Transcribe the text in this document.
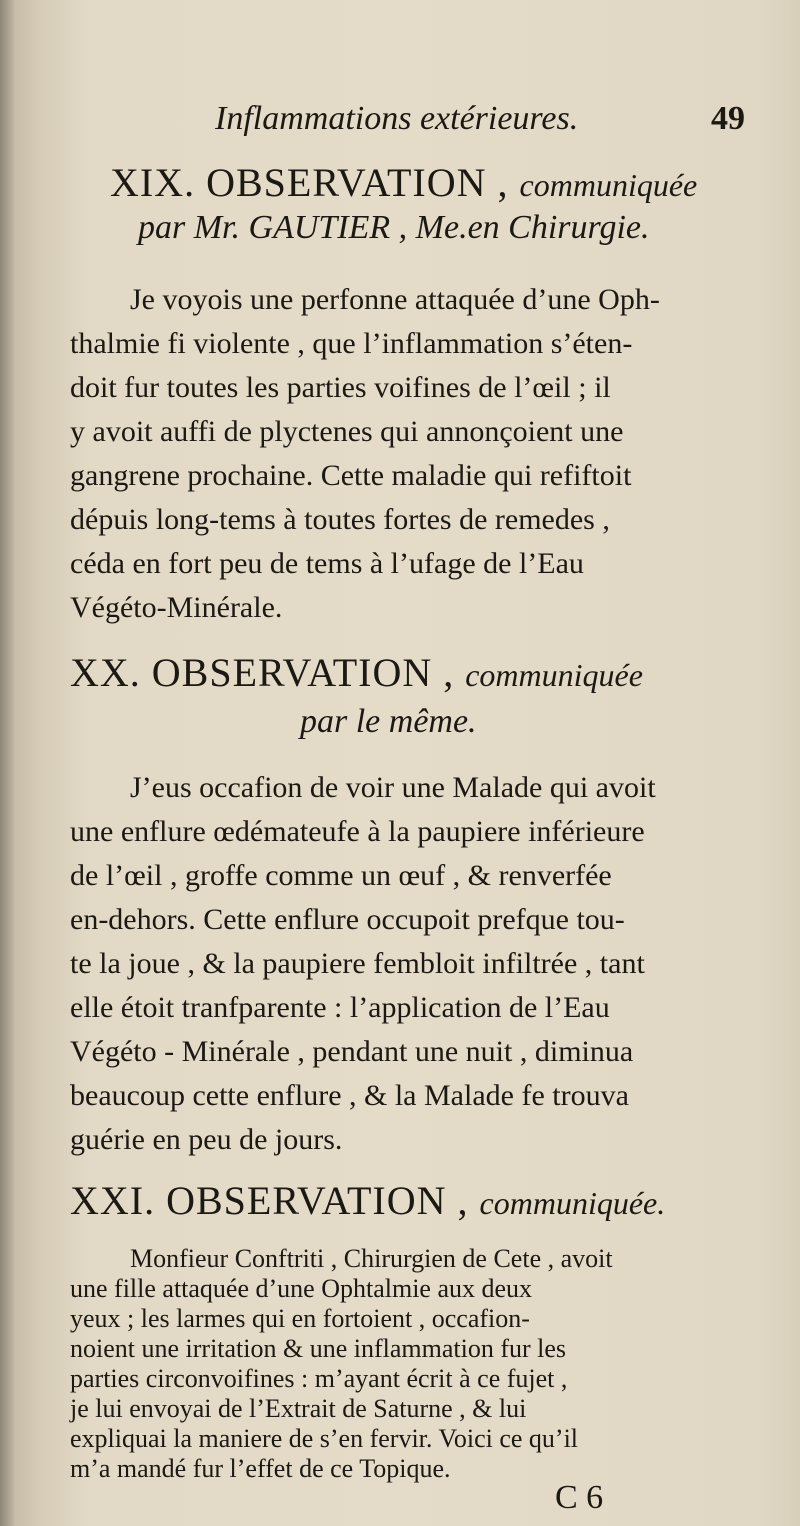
Inflammations extérieures.	49
XIX. OBSERVATION , communiquée
par Mr. GAUTIER , Me.en Chirurgie.
Je voyois une perfonne attaquée d’une Oph-
thalmie fi violente , que l’inflammation s’éten-
doit fur toutes les parties voifines de l’œil ; il
y avoit auffi de plyctenes qui annonçoient une
gangrene prochaine. Cette maladie qui refiftoit
dépuis long-tems à toutes fortes de remedes ,
céda en fort peu de tems à l’ufage de l’Eau
Végéto-Minérale.
XX. OBSERVATION , communiquée
par le même.
J’eus occafion de voir une Malade qui avoit
une enflure œdémateufe à la paupiere inférieure
de l’œil , groffe comme un œuf , & renverfée
en-dehors. Cette enflure occupoit prefque tou-
te la joue , & la paupiere fembloit infiltrée , tant
elle étoit tranfparente : l’application de l’Eau
Végéto - Minérale , pendant une nuit , diminua
beaucoup cette enflure , & la Malade fe trouva
guérie en peu de jours.
XXI. OBSERVATION , communiquée.
Monfieur Conftriti , Chirurgien de Cete , avoit
une fille attaquée d’une Ophtalmie aux deux
yeux ; les larmes qui en fortoient , occafion-
noient une irritation & une inflammation fur les
parties circonvoifines : m’ayant écrit à ce fujet ,
je lui envoyai de l’Extrait de Saturne , & lui
expliquai la maniere de s’en fervir. Voici ce qu’il
m’a mandé fur l’effet de ce Topique.
C 6
